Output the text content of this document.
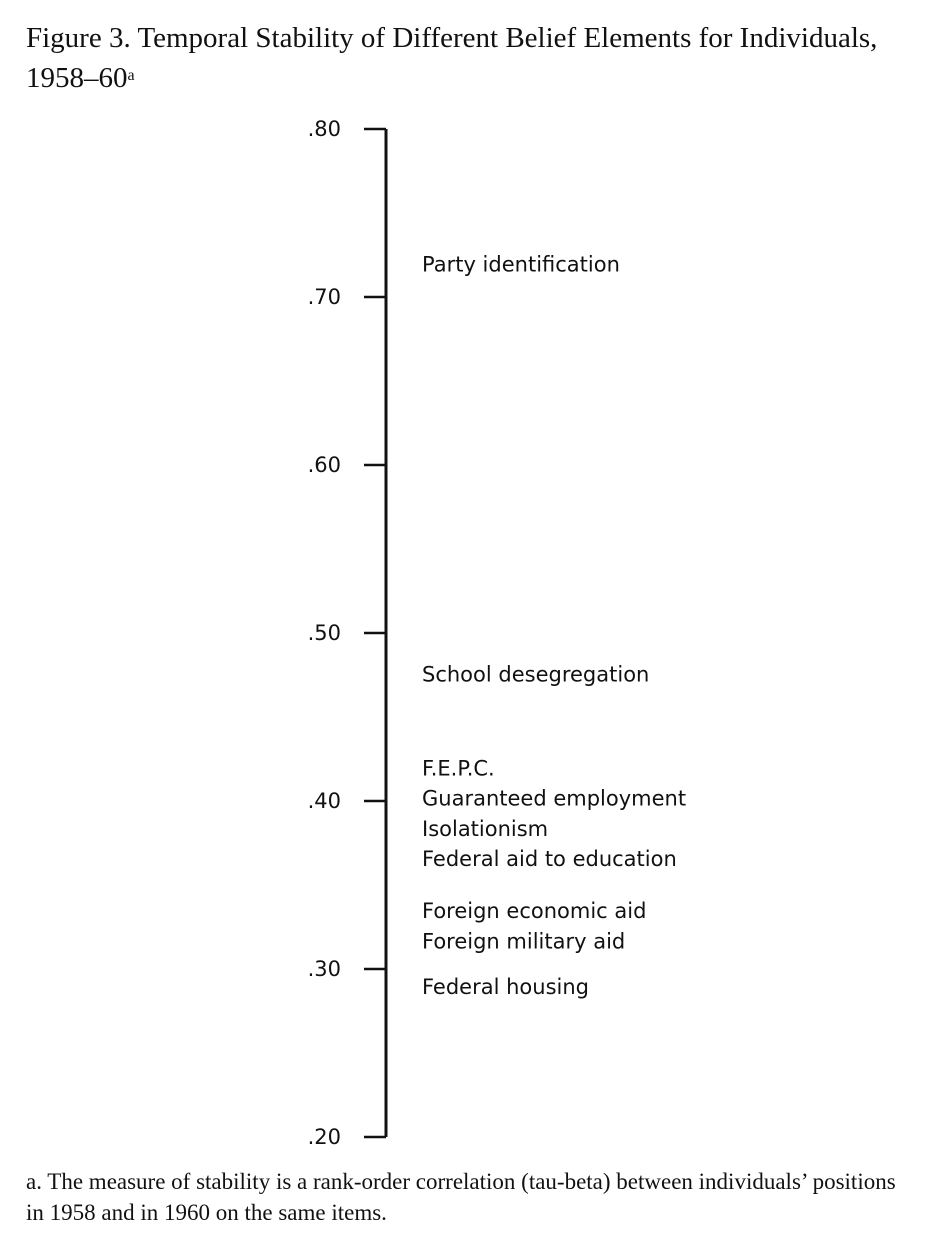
Figure 3. Temporal Stability of Different Belief Elements for Individuals, 1958–60$^a$
.80
.70
.60
.50
.40
.30
.20
Party identification
School desegregation
F.E.P.C.
Guaranteed employment
Isolationism
Federal aid to education
Foreign economic aid
Foreign military aid
Federal housing
a. The measure of stability is a rank-order correlation (tau-beta) between individuals’ positions in 1958 and in 1960 on the same items.
